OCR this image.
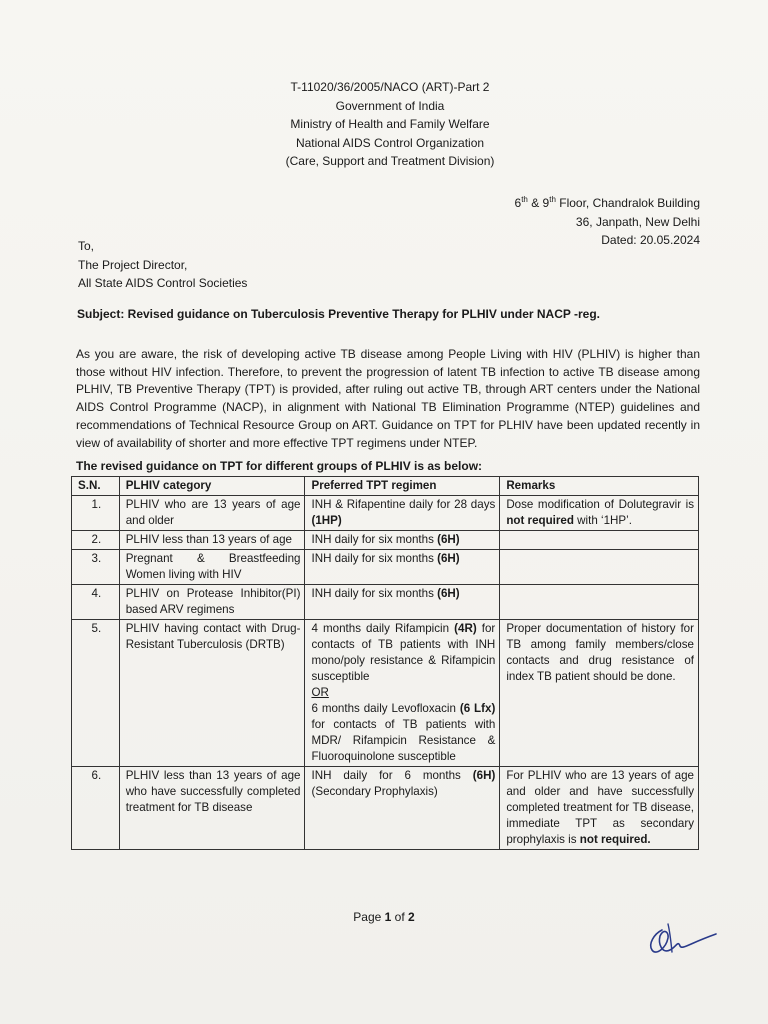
T-11020/36/2005/NACO (ART)-Part 2
Government of India
Ministry of Health and Family Welfare
National AIDS Control Organization
(Care, Support and Treatment Division)
6th & 9th Floor, Chandralok Building
36, Janpath, New Delhi
Dated: 20.05.2024
To,
The Project Director,
All State AIDS Control Societies
Subject: Revised guidance on Tuberculosis Preventive Therapy for PLHIV under NACP -reg.
As you are aware, the risk of developing active TB disease among People Living with HIV (PLHIV) is higher than those without HIV infection. Therefore, to prevent the progression of latent TB infection to active TB disease among PLHIV, TB Preventive Therapy (TPT) is provided, after ruling out active TB, through ART centers under the National AIDS Control Programme (NACP), in alignment with National TB Elimination Programme (NTEP) guidelines and recommendations of Technical Resource Group on ART. Guidance on TPT for PLHIV have been updated recently in view of availability of shorter and more effective TPT regimens under NTEP.
The revised guidance on TPT for different groups of PLHIV is as below:
S.N.	PLHIV category	Preferred TPT regimen	Remarks
1.	PLHIV who are 13 years of age and older	INH & Rifapentine daily for 28 days (1HP)	Dose modification of Dolutegravir is not required with ‘1HP’.
2.	PLHIV less than 13 years of age	INH daily for six months (6H)	
3.	Pregnant & Breastfeeding Women living with HIV	INH daily for six months (6H)	
4.	PLHIV on Protease Inhibitor(PI) based ARV regimens	INH daily for six months (6H)	
5.	PLHIV having contact with Drug-Resistant Tuberculosis (DRTB)	4 months daily Rifampicin (4R) for contacts of TB patients with INH mono/poly resistance & Rifampicin susceptible
OR
6 months daily Levofloxacin (6 Lfx) for contacts of TB patients with MDR/ Rifampicin Resistance & Fluoroquinolone susceptible	Proper documentation of history for TB among family members/close contacts and drug resistance of index TB patient should be done.
6.	PLHIV less than 13 years of age who have successfully completed treatment for TB disease	INH daily for 6 months (6H) (Secondary Prophylaxis)	For PLHIV who are 13 years of age and older and have successfully completed treatment for TB disease, immediate TPT as secondary prophylaxis is not required.
Page 1 of 2
